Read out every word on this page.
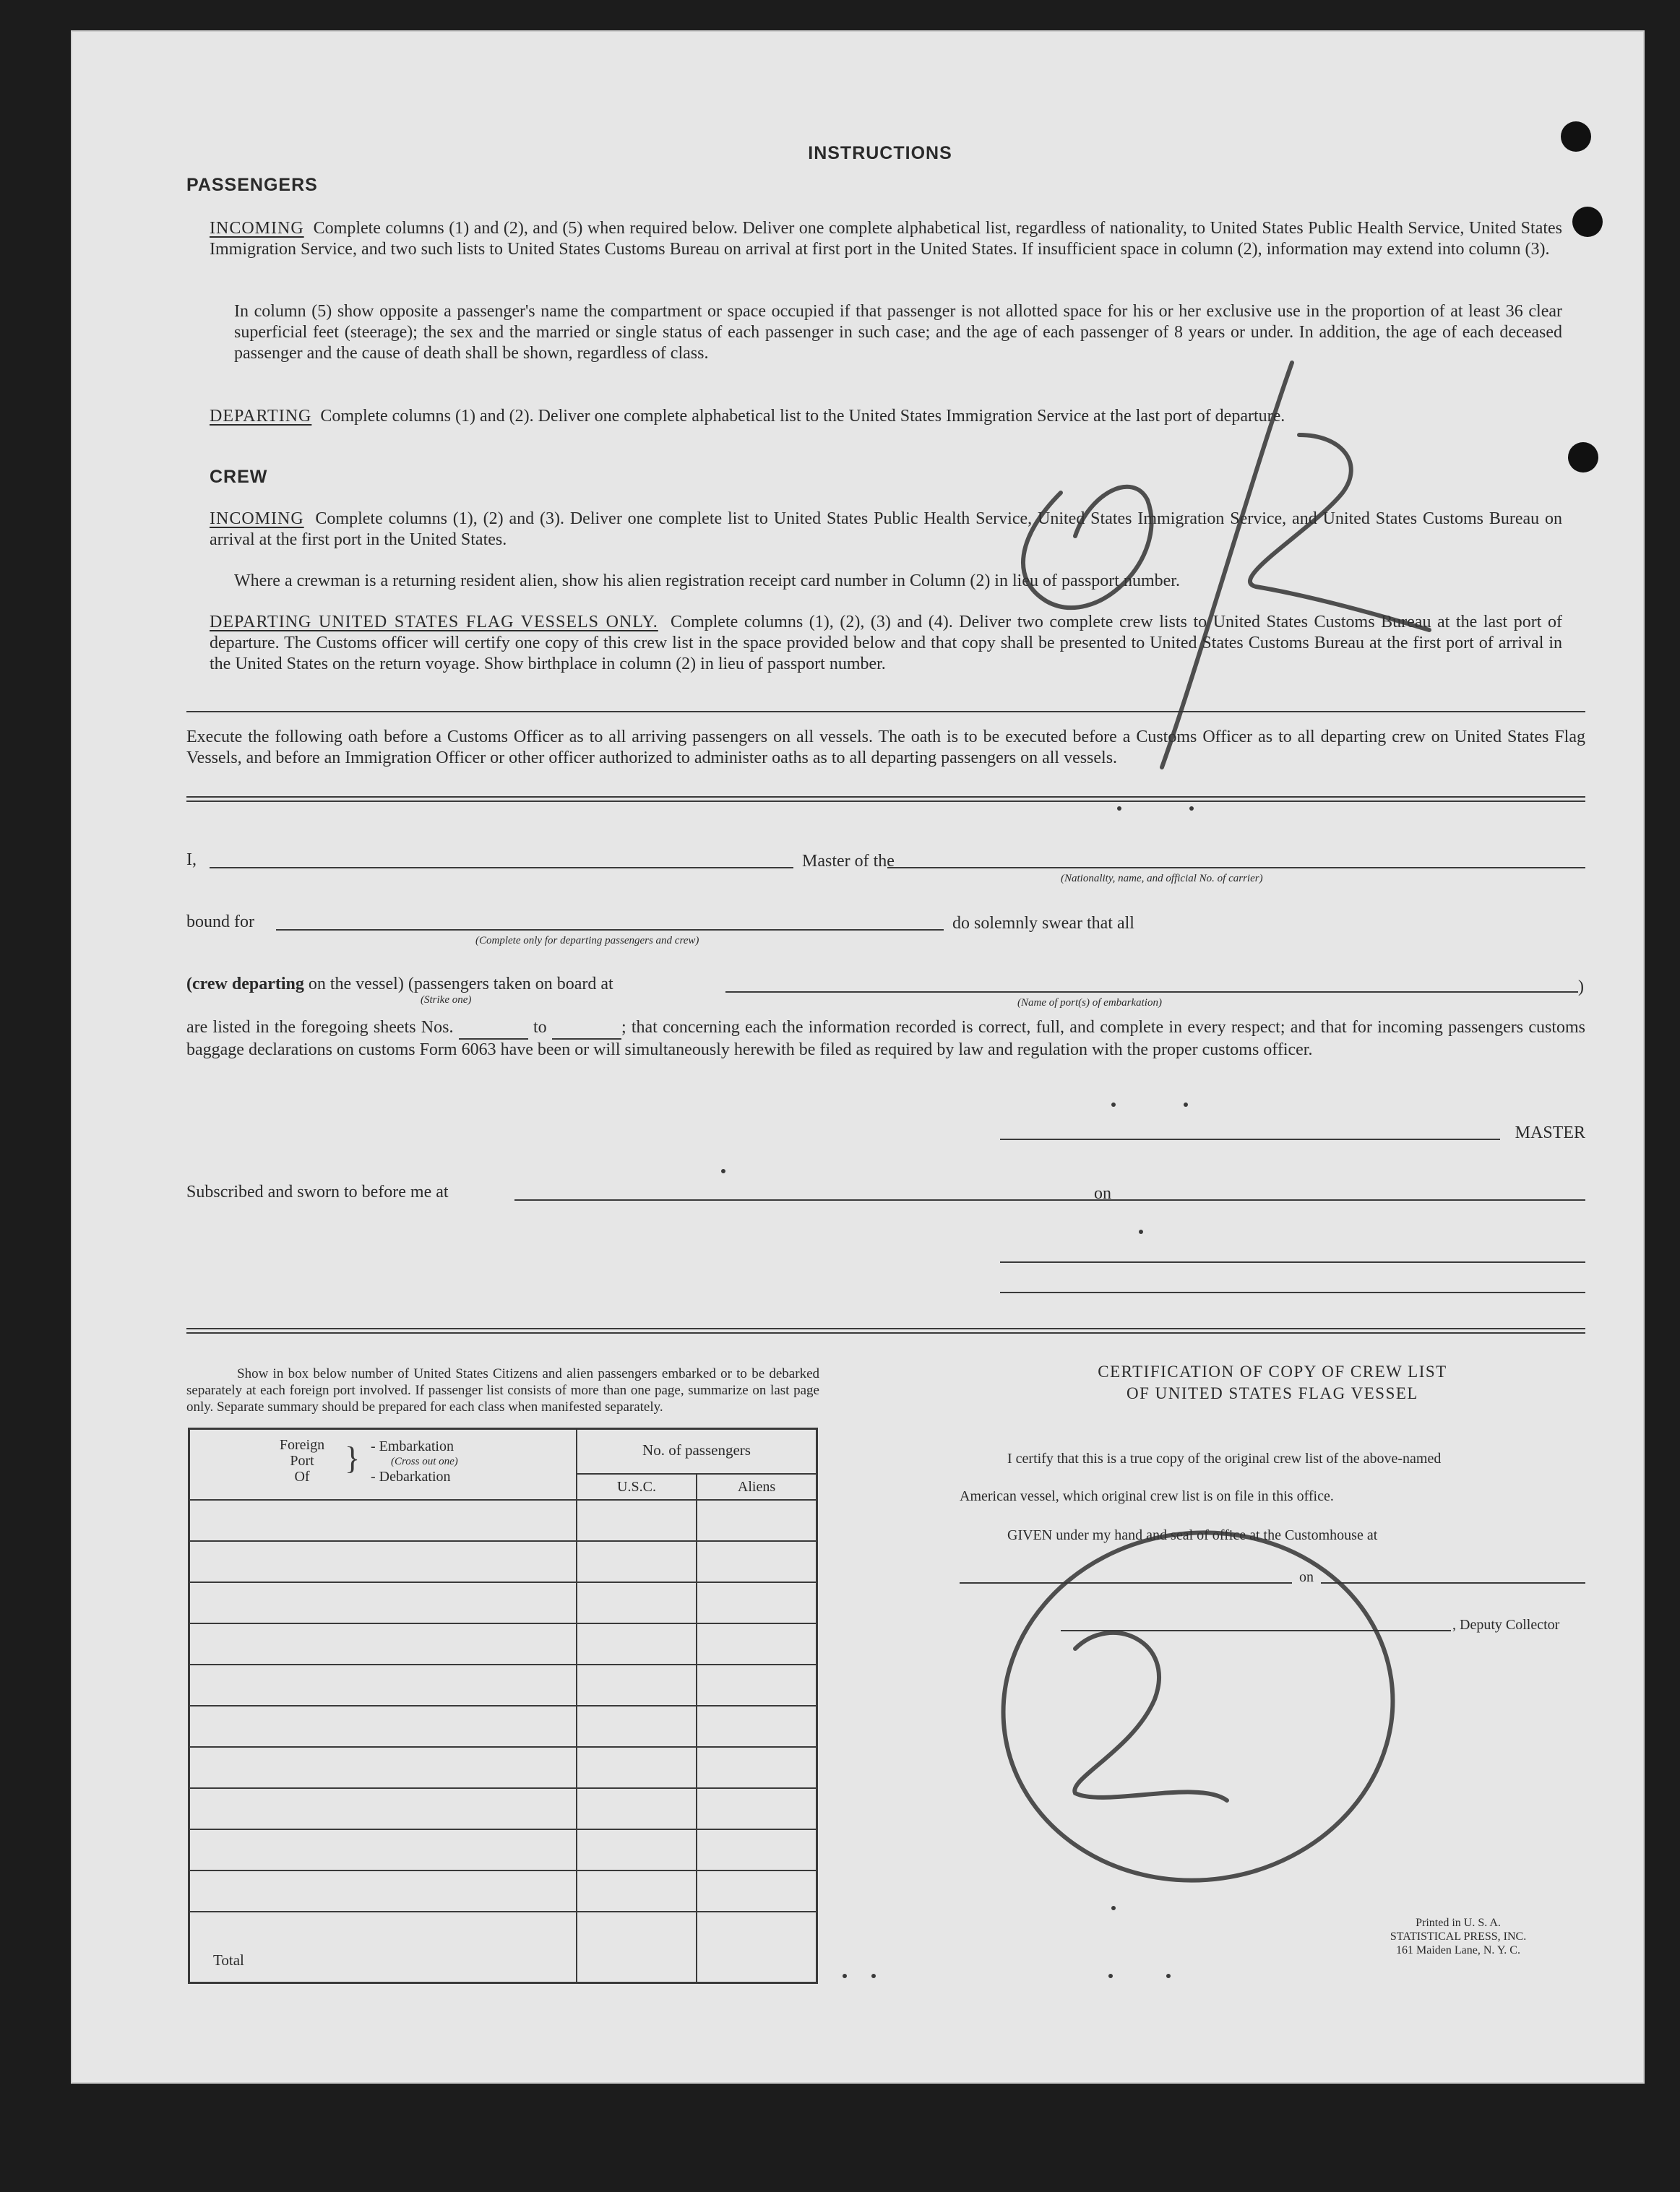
INSTRUCTIONS
PASSENGERS
INCOMING Complete columns (1) and (2), and (5) when required below. Deliver one complete alphabetical list, regardless of nationality, to United States Public Health Service, United States Immigration Service, and two such lists to United States Customs Bureau on arrival at first port in the United States. If insufficient space in column (2), information may extend into column (3).
In column (5) show opposite a passenger's name the compartment or space occupied if that passenger is not allotted space for his or her exclusive use in the proportion of at least 36 clear superficial feet (steerage); the sex and the married or single status of each passenger in such case; and the age of each passenger of 8 years or under. In addition, the age of each deceased passenger and the cause of death shall be shown, regardless of class.
DEPARTING Complete columns (1) and (2). Deliver one complete alphabetical list to the United States Immigration Service at the last port of departure.
CREW
INCOMING Complete columns (1), (2) and (3). Deliver one complete list to United States Public Health Service, United States Immigration Service, and United States Customs Bureau on arrival at the first port in the United States.
Where a crewman is a returning resident alien, show his alien registration receipt card number in Column (2) in lieu of passport number.
DEPARTING UNITED STATES FLAG VESSELS ONLY. Complete columns (1), (2), (3) and (4). Deliver two complete crew lists to United States Customs Bureau at the last port of departure. The Customs officer will certify one copy of this crew list in the space provided below and that copy shall be presented to United States Customs Bureau at the first port of arrival in the United States on the return voyage. Show birthplace in column (2) in lieu of passport number.
Execute the following oath before a Customs Officer as to all arriving passengers on all vessels. The oath is to be executed before a Customs Officer as to all departing crew on United States Flag Vessels, and before an Immigration Officer or other officer authorized to administer oaths as to all departing passengers on all vessels.
I,	Master of the
(Nationality, name, and official No. of carrier)
bound for
(Complete only for departing passengers and crew)
do solemnly swear that all
(crew departing on the vessel) (passengers taken on board at
(Strike one)
)
(Name of port(s) of embarkation)
are listed in the foregoing sheets Nos.	to	; that concerning each the information recorded is correct, full, and complete in every respect; and that for incoming passengers customs baggage declarations on customs Form 6063 have been or will simultaneously herewith be filed as required by law and regulation with the proper customs officer.
MASTER
Subscribed and sworn to before me at	on
Show in box below number of United States Citizens and alien passengers embarked or to be debarked separately at each foreign port involved. If passenger list consists of more than one page, summarize on last page only. Separate summary should be prepared for each class when manifested separately.
Foreign
Port
Of
} - Embarkation
(Cross out one)
- Debarkation
No. of passengers
U.S.C.	Aliens
Total
CERTIFICATION OF COPY OF CREW LIST
OF UNITED STATES FLAG VESSEL
I certify that this is a true copy of the original crew list of the above-named
American vessel, which original crew list is on file in this office.
GIVEN under my hand and seal of office at the Customhouse at
on
, Deputy Collector
Printed in U. S. A.
STATISTICAL PRESS, INC.
161 Maiden Lane, N. Y. C.
